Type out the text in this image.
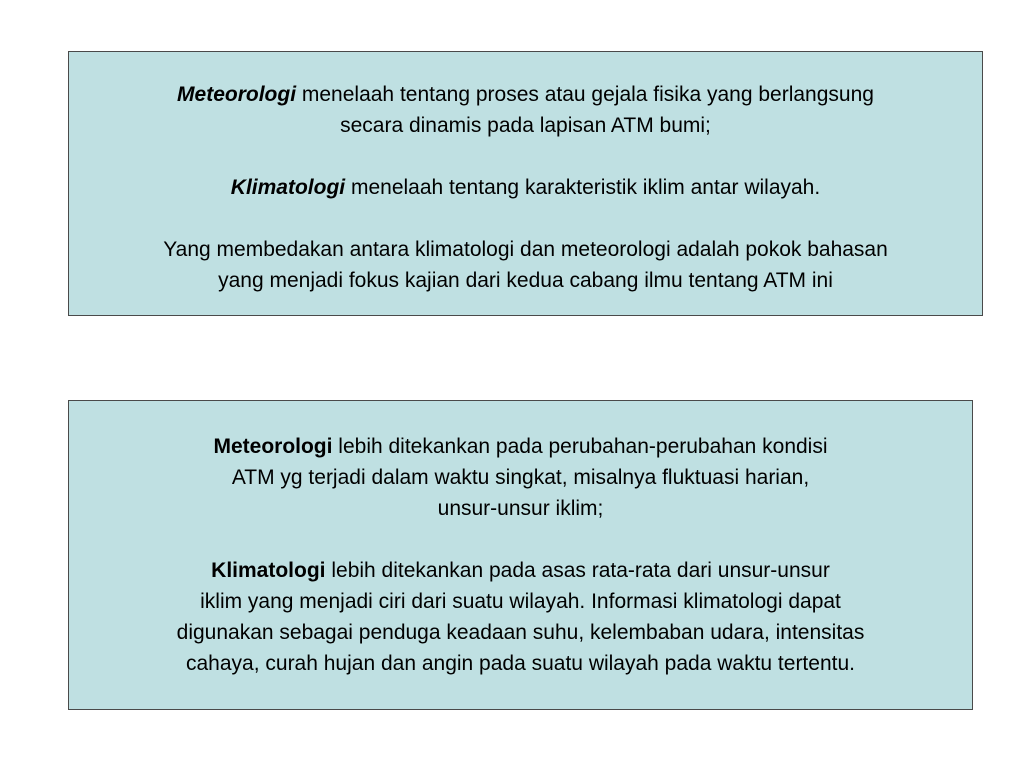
Meteorologi menelaah tentang proses atau gejala fisika yang berlangsung
secara dinamis pada lapisan ATM bumi;

Klimatologi menelaah tentang karakteristik iklim antar wilayah.

Yang membedakan antara klimatologi dan meteorologi adalah pokok bahasan
yang menjadi fokus kajian dari kedua cabang ilmu tentang ATM ini

Meteorologi lebih ditekankan pada perubahan-perubahan kondisi
ATM yg terjadi dalam waktu singkat, misalnya fluktuasi harian,
unsur-unsur iklim;

Klimatologi lebih ditekankan pada asas rata-rata dari unsur-unsur
iklim yang menjadi ciri dari suatu wilayah. Informasi klimatologi dapat
digunakan sebagai penduga keadaan suhu, kelembaban udara, intensitas
cahaya, curah hujan dan angin pada suatu wilayah pada waktu tertentu.
